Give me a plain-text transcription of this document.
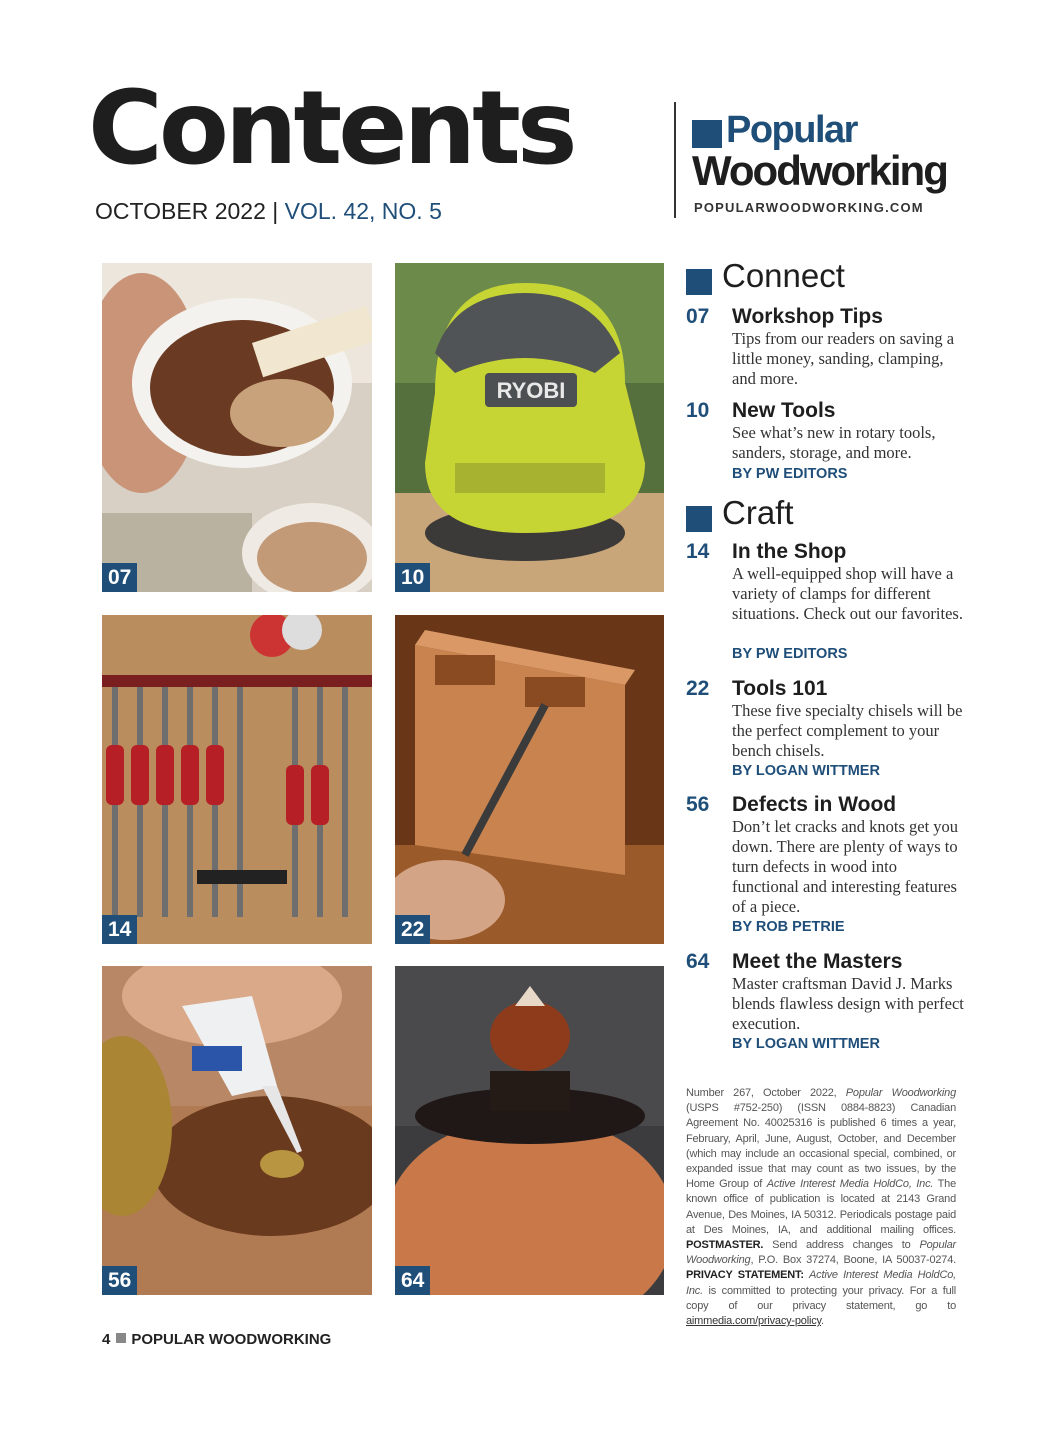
Contents
OCTOBER 2022 | VOL. 42, NO. 5
Popular
Woodworking
POPULARWOODWORKING.COM
07
RYOBI
10
14	22
56	64
Connect
07 Workshop Tips
Tips from our readers on saving a little money, sanding, clamping, and more.
10 New Tools
See what’s new in rotary tools, sanders, storage, and more.
BY PW EDITORS
Craft
14 In the Shop
A well-equipped shop will have a variety of clamps for different situations. Check out our favorites.
BY PW EDITORS
22 Tools 101
These five specialty chisels will be the perfect complement to your bench chisels.
BY LOGAN WITTMER
56 Defects in Wood
Don’t let cracks and knots get you down. There are plenty of ways to turn defects in wood into functional and interesting features of a piece.
BY ROB PETRIE
64 Meet the Masters
Master craftsman David J. Marks blends flawless design with perfect execution.
BY LOGAN WITTMER
Number 267, October 2022, Popular Woodworking (USPS #752-250) (ISSN 0884-8823) Canadian Agreement No. 40025316 is published 6 times a year, February, April, June, August, October, and December (which may include an occasional special, combined, or expanded issue that may count as two issues, by the Home Group of Active Interest Media HoldCo, Inc. The known office of publication is located at 2143 Grand Avenue, Des Moines, IA 50312. Periodicals postage paid at Des Moines, IA, and additional mailing offices. POSTMASTER. Send address changes to Popular Woodworking, P.O. Box 37274, Boone, IA 50037-0274. PRIVACY STATEMENT: Active Interest Media HoldCo, Inc. is committed to protecting your privacy. For a full copy of our privacy statement, go to aimmedia.com/privacy-policy.
4 POPULAR WOODWORKING
